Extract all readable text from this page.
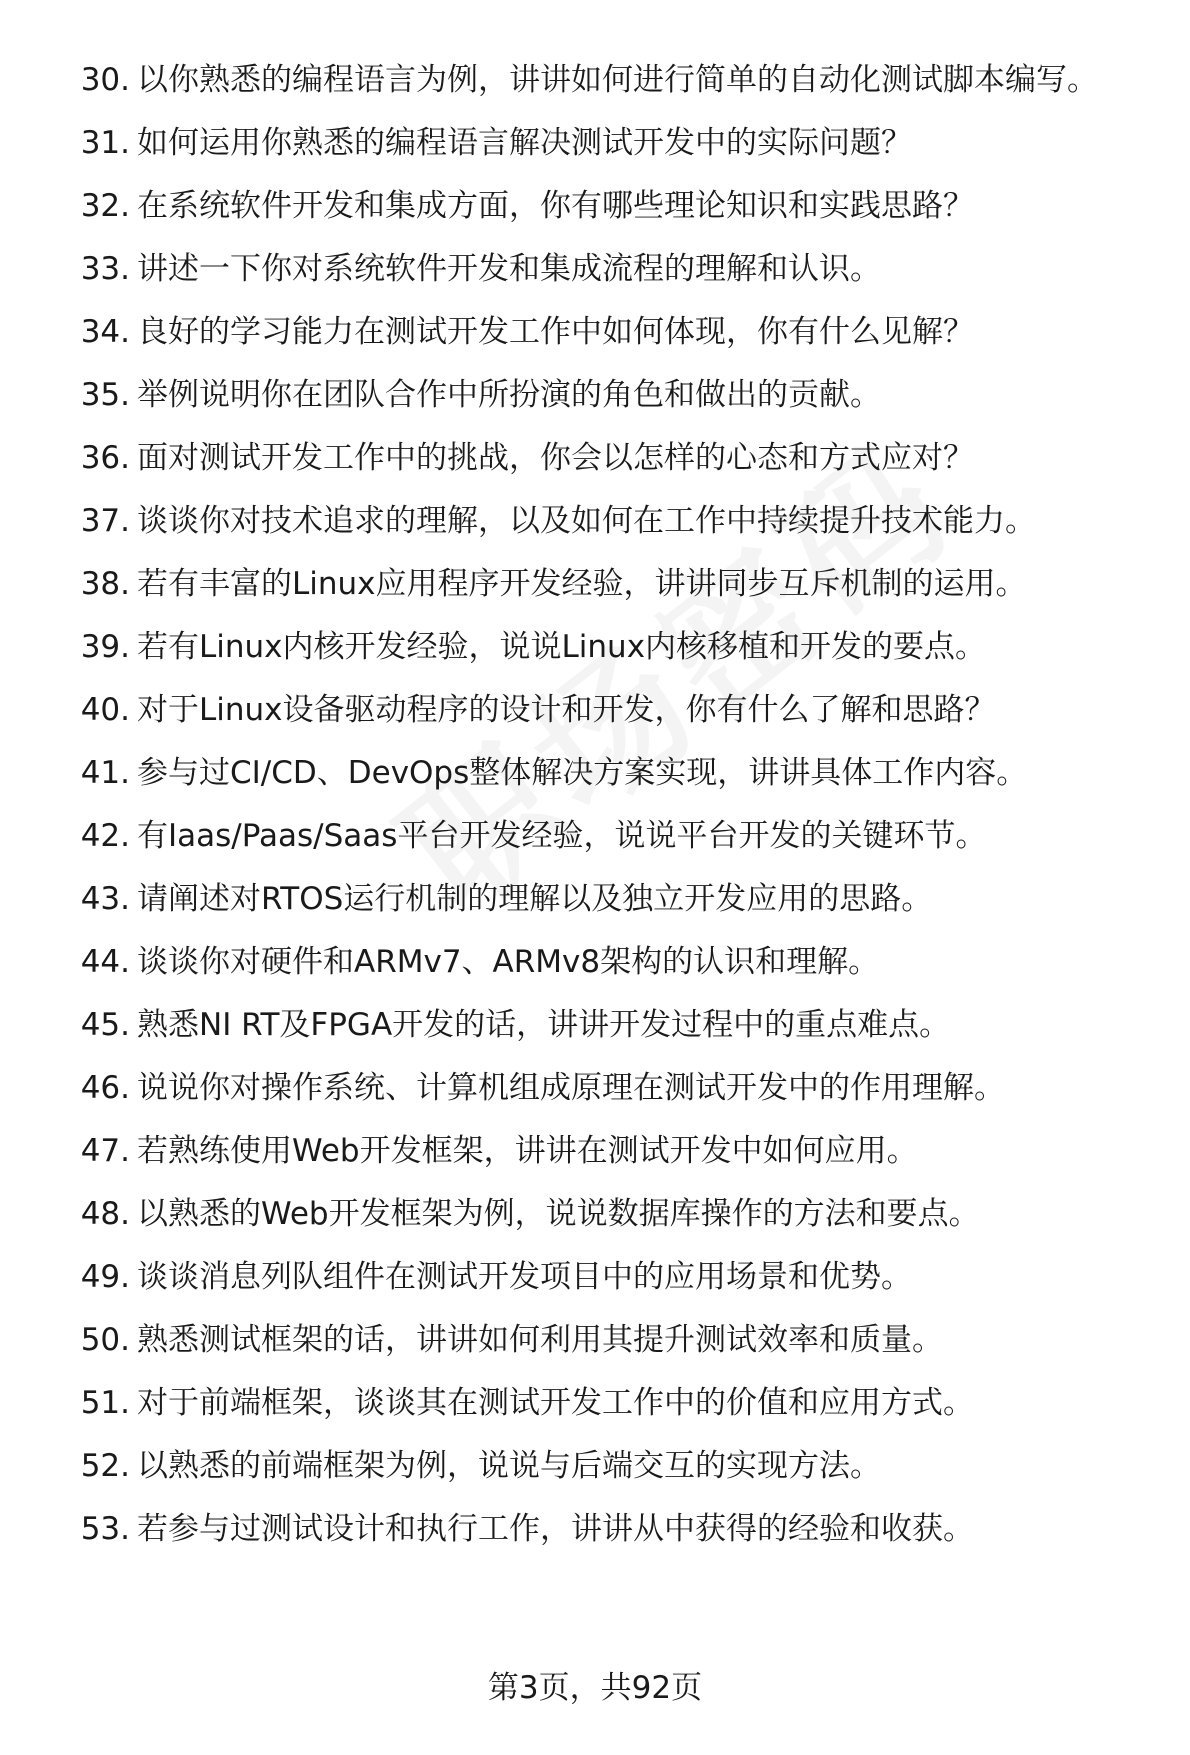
30. 以你熟悉的编程语言为例，讲讲如何进行简单的自动化测试脚本编写。
31. 如何运用你熟悉的编程语言解决测试开发中的实际问题？
32. 在系统软件开发和集成方面，你有哪些理论知识和实践思路？
33. 讲述一下你对系统软件开发和集成流程的理解和认识。
34. 良好的学习能力在测试开发工作中如何体现，你有什么见解？
35. 举例说明你在团队合作中所扮演的角色和做出的贡献。
36. 面对测试开发工作中的挑战，你会以怎样的心态和方式应对？
37. 谈谈你对技术追求的理解，以及如何在工作中持续提升技术能力。
38. 若有丰富的Linux应用程序开发经验，讲讲同步互斥机制的运用。
39. 若有Linux内核开发经验，说说Linux内核移植和开发的要点。
40. 对于Linux设备驱动程序的设计和开发，你有什么了解和思路？
41. 参与过CI/CD、DevOps整体解决方案实现，讲讲具体工作内容。
42. 有Iaas/Paas/Saas平台开发经验，说说平台开发的关键环节。
43. 请阐述对RTOS运行机制的理解以及独立开发应用的思路。
44. 谈谈你对硬件和ARMv7、ARMv8架构的认识和理解。
45. 熟悉NI RT及FPGA开发的话，讲讲开发过程中的重点难点。
46. 说说你对操作系统、计算机组成原理在测试开发中的作用理解。
47. 若熟练使用Web开发框架，讲讲在测试开发中如何应用。
48. 以熟悉的Web开发框架为例，说说数据库操作的方法和要点。
49. 谈谈消息列队组件在测试开发项目中的应用场景和优势。
50. 熟悉测试框架的话，讲讲如何利用其提升测试效率和质量。
51. 对于前端框架，谈谈其在测试开发工作中的价值和应用方式。
52. 以熟悉的前端框架为例，说说与后端交互的实现方法。
53. 若参与过测试设计和执行工作，讲讲从中获得的经验和收获。
第3页，共92页
